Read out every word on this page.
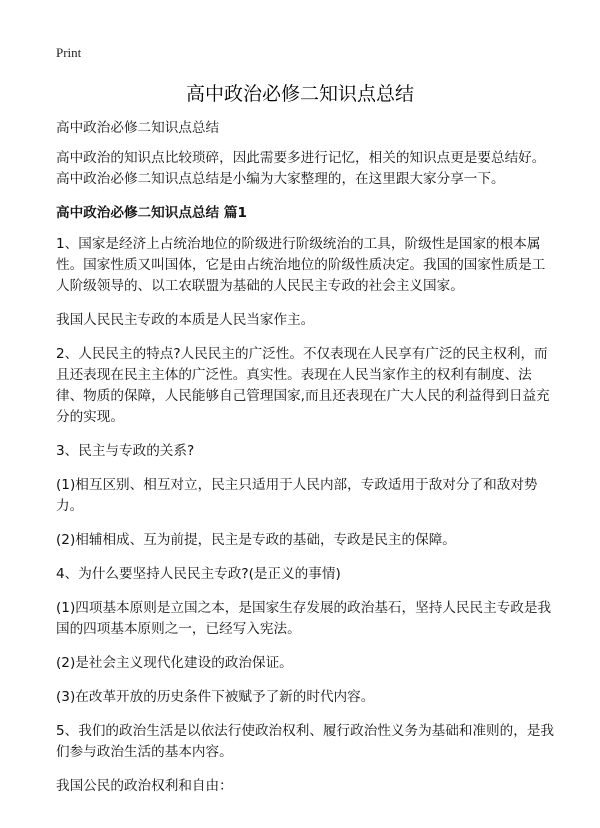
Print
高中政治必修二知识点总结

高中政治必修二知识点总结

高中政治的知识点比较琐碎，因此需要多进行记忆，相关的知识点更是要总结好。高中政治必修二知识点总结是小编为大家整理的，在这里跟大家分享一下。

高中政治必修二知识点总结 篇1

1、国家是经济上占统治地位的阶级进行阶级统治的工具，阶级性是国家的根本属性。国家性质又叫国体，它是由占统治地位的阶级性质决定。我国的国家性质是工人阶级领导的、以工农联盟为基础的人民民主专政的社会主义国家。

我国人民民主专政的本质是人民当家作主。

2、人民民主的特点?人民民主的广泛性。不仅表现在人民享有广泛的民主权利，而且还表现在民主主体的广泛性。真实性。表现在人民当家作主的权利有制度、法律、物质的保障，人民能够自己管理国家,而且还表现在广大人民的利益得到日益充分的实现。

3、民主与专政的关系?

(1)相互区别、相互对立，民主只适用于人民内部，专政适用于敌对分了和敌对势力。

(2)相辅相成、互为前提，民主是专政的基础，专政是民主的保障。

4、为什么要坚持人民民主专政?(是正义的事情)

(1)四项基本原则是立国之本，是国家生存发展的政治基石，坚持人民民主专政是我国的四项基本原则之一，已经写入宪法。

(2)是社会主义现代化建设的政治保证。

(3)在改革开放的历史条件下被赋予了新的时代内容。

5、我们的政治生活是以依法行使政治权利、履行政治性义务为基础和准则的，是我们参与政治生活的基本内容。

我国公民的政治权利和自由：
